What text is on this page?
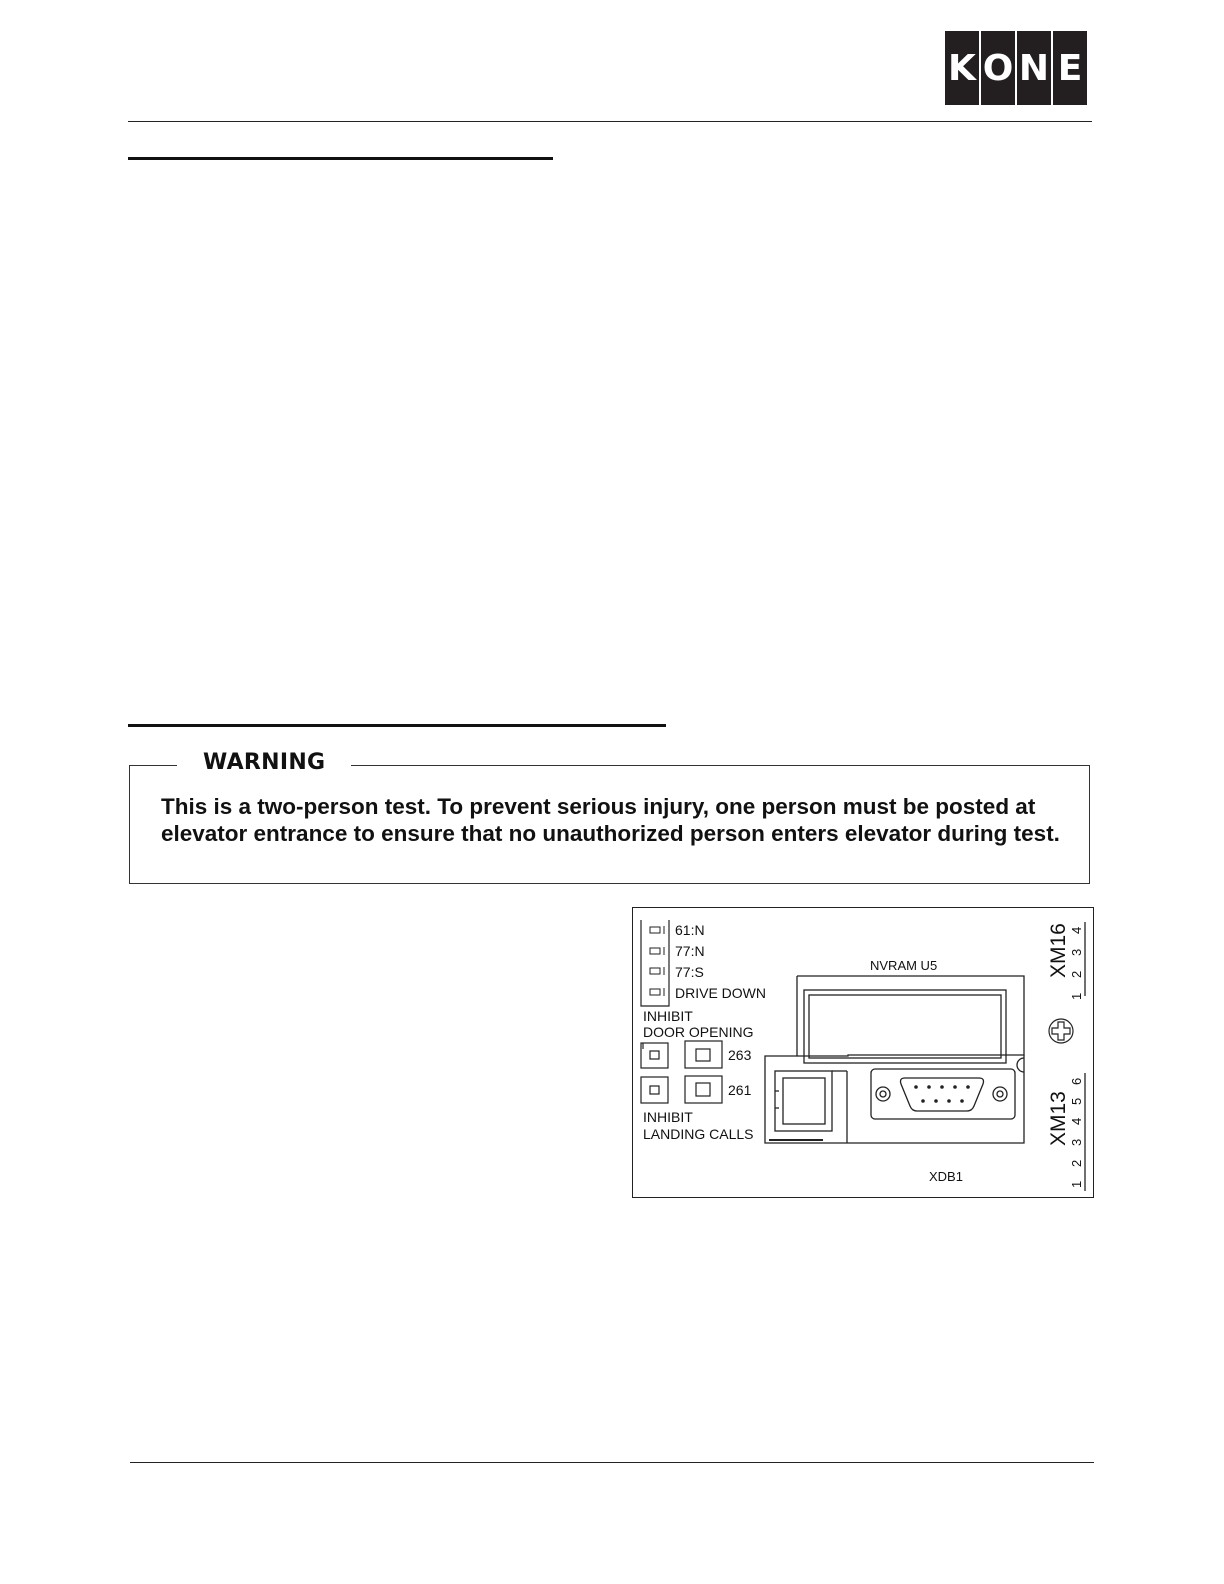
K O N E
WARNING

This is a two-person test. To prevent serious injury, one person must be posted at elevator entrance to ensure that no unauthorized person enters elevator during test.

61:N
77:N
77:S
DRIVE DOWN
INHIBIT
DOOR OPENING
263
261
INHIBIT
LANDING CALLS
NVRAM U5
XDB1
XM16
1
2
3
4
XM13
1
2
3
4
5
6
